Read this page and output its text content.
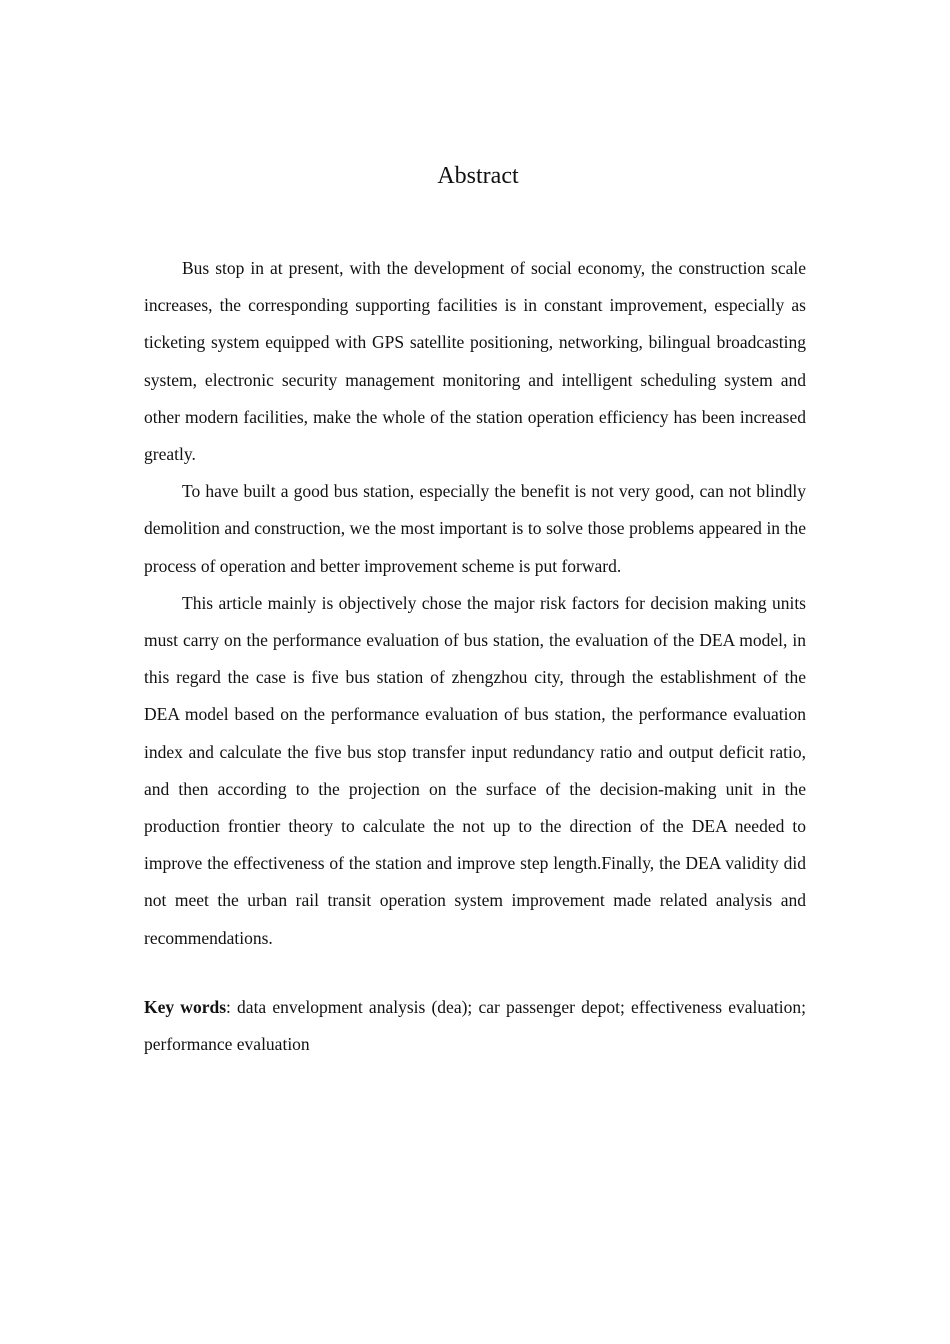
Abstract

Bus stop in at present, with the development of social economy, the construction scale increases, the corresponding supporting facilities is in constant improvement, especially as ticketing system equipped with GPS satellite positioning, networking, bilingual broadcasting system, electronic security management monitoring and intelligent scheduling system and other modern facilities, make the whole of the station operation efficiency has been increased greatly.

To have built a good bus station, especially the benefit is not very good, can not blindly demolition and construction, we the most important is to solve those problems appeared in the process of operation and better improvement scheme is put forward.

This article mainly is objectively chose the major risk factors for decision making units must carry on the performance evaluation of bus station, the evaluation of the DEA model, in this regard the case is five bus station of zhengzhou city, through the establishment of the DEA model based on the performance evaluation of bus station, the performance evaluation index and calculate the five bus stop transfer input redundancy ratio and output deficit ratio, and then according to the projection on the surface of the decision-making unit in the production frontier theory to calculate the not up to the direction of the DEA needed to improve the effectiveness of the station and improve step length.Finally, the DEA validity did not meet the urban rail transit operation system improvement made related analysis and recommendations.

Key words: data envelopment analysis (dea); car passenger depot; effectiveness evaluation; performance evaluation
